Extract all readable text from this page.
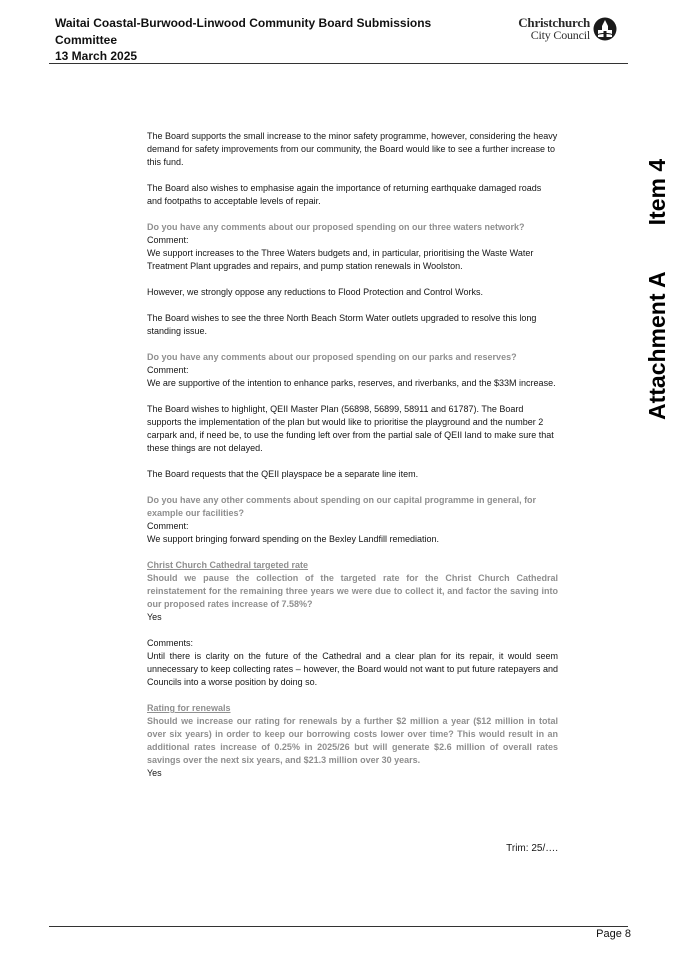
Waitai Coastal-Burwood-Linwood Community Board Submissions
Committee
13 March 2025
Christchurch
City Council
Attachment A
Item 4

The Board supports the small increase to the minor safety programme, however, considering the heavy demand for safety improvements from our community, the Board would like to see a further increase to this fund.

The Board also wishes to emphasise again the importance of returning earthquake damaged roads and footpaths to acceptable levels of repair.

Do you have any comments about our proposed spending on our three waters network?

Comment:

We support increases to the Three Waters budgets and, in particular, prioritising the Waste Water Treatment Plant upgrades and repairs, and pump station renewals in Woolston.

However, we strongly oppose any reductions to Flood Protection and Control Works.

The Board wishes to see the three North Beach Storm Water outlets upgraded to resolve this long standing issue.

Do you have any comments about our proposed spending on our parks and reserves?

Comment:

We are supportive of the intention to enhance parks, reserves, and riverbanks, and the $33M increase.

The Board wishes to highlight, QEII Master Plan (56898, 56899, 58911 and 61787). The Board supports the implementation of the plan but would like to prioritise the playground and the number 2 carpark and, if need be, to use the funding left over from the partial sale of QEII land to make sure that these things are not delayed.

The Board requests that the QEII playspace be a separate line item.

Do you have any other comments about spending on our capital programme in general, for example our facilities?

Comment:

We support bringing forward spending on the Bexley Landfill remediation.

Christ Church Cathedral targeted rate

Should we pause the collection of the targeted rate for the Christ Church Cathedral reinstatement for the remaining three years we were due to collect it, and factor the saving into our proposed rates increase of 7.58%?

Yes

Comments:

Until there is clarity on the future of the Cathedral and a clear plan for its repair, it would seem unnecessary to keep collecting rates – however, the Board would not want to put future ratepayers and Councils into a worse position by doing so.

Rating for renewals

Should we increase our rating for renewals by a further $2 million a year ($12 million in total over six years) in order to keep our borrowing costs lower over time? This would result in an additional rates increase of 0.25% in 2025/26 but will generate $2.6 million of overall rates savings over the next six years, and $21.3 million over 30 years.

Yes

Trim: 25/….
Page 8
